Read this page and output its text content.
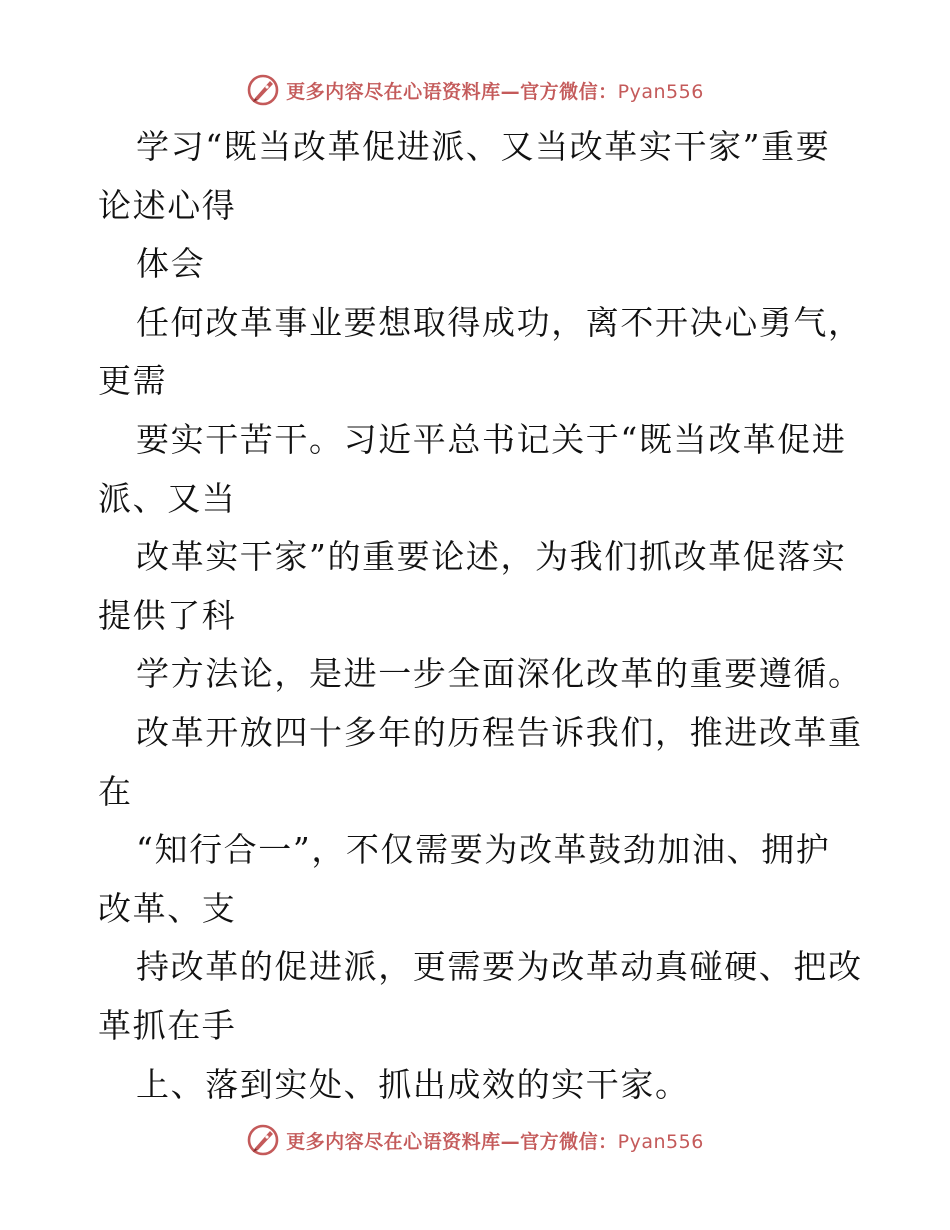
更多内容尽在心语资料库—官方微信：Pyan556
学习“既当改革促进派、又当改革实干家”重要
论述心得
体会
任何改革事业要想取得成功，离不开决心勇气，
更需
要实干苦干。习近平总书记关于“既当改革促进
派、又当
改革实干家”的重要论述，为我们抓改革促落实
提供了科
学方法论，是进一步全面深化改革的重要遵循。
改革开放四十多年的历程告诉我们，推进改革重
在
“知行合一”，不仅需要为改革鼓劲加油、拥护
改革、支
持改革的促进派，更需要为改革动真碰硬、把改
革抓在手
上、落到实处、抓出成效的实干家。
更多内容尽在心语资料库—官方微信：Pyan556
